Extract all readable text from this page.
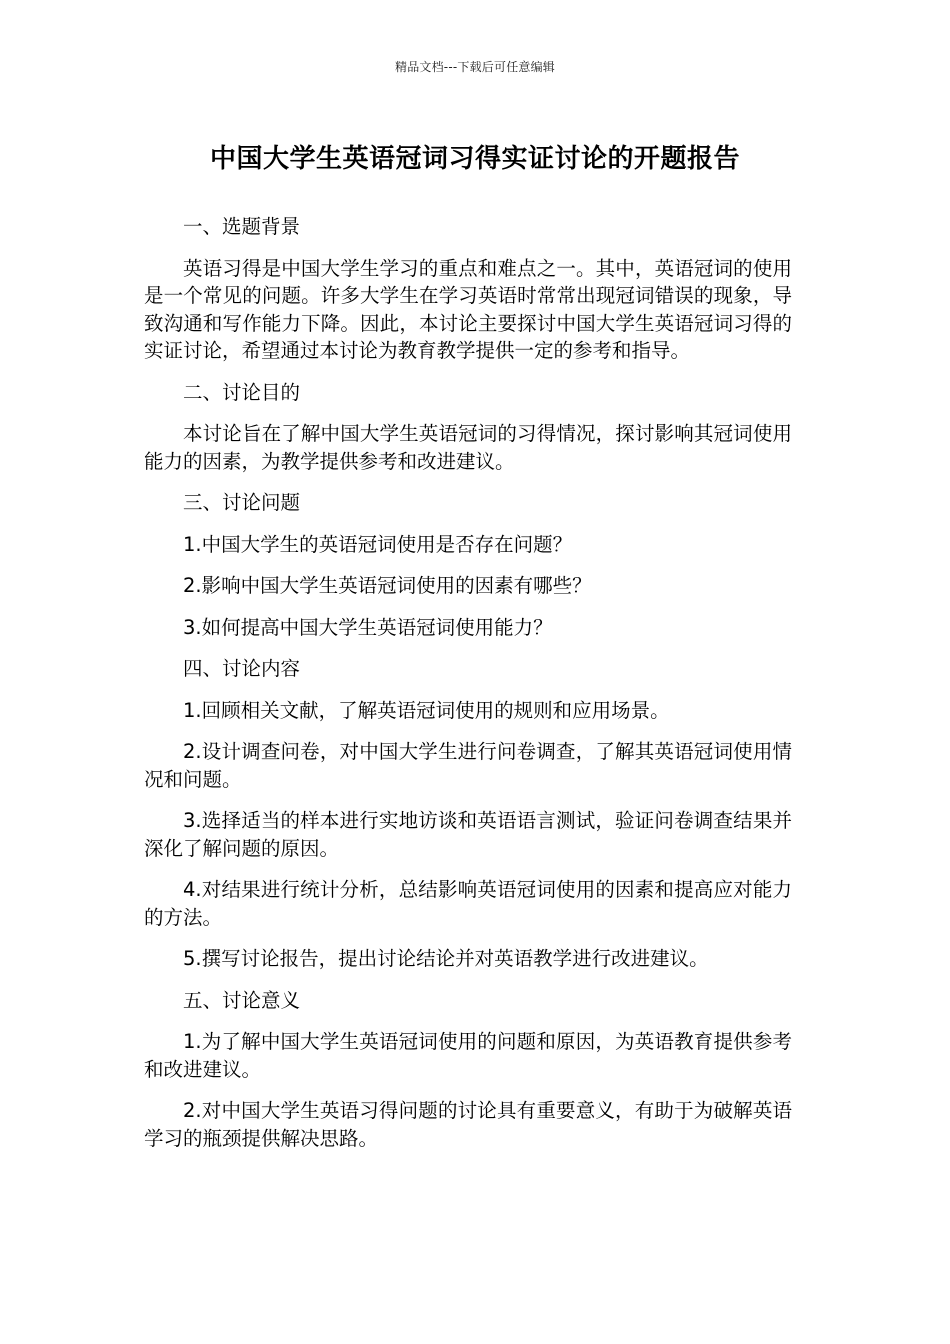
精品文档---下载后可任意编辑
中国大学生英语冠词习得实证讨论的开题报告

一、选题背景

英语习得是中国大学生学习的重点和难点之一。其中，英语冠词的使用是一个常见的问题。许多大学生在学习英语时常常出现冠词错误的现象，导致沟通和写作能力下降。因此，本讨论主要探讨中国大学生英语冠词习得的实证讨论，希望通过本讨论为教育教学提供一定的参考和指导。

二、讨论目的

本讨论旨在了解中国大学生英语冠词的习得情况，探讨影响其冠词使用能力的因素，为教学提供参考和改进建议。

三、讨论问题

1.中国大学生的英语冠词使用是否存在问题？

2.影响中国大学生英语冠词使用的因素有哪些？

3.如何提高中国大学生英语冠词使用能力？

四、讨论内容

1.回顾相关文献，了解英语冠词使用的规则和应用场景。

2.设计调查问卷，对中国大学生进行问卷调查，了解其英语冠词使用情况和问题。

3.选择适当的样本进行实地访谈和英语语言测试，验证问卷调查结果并深化了解问题的原因。

4.对结果进行统计分析，总结影响英语冠词使用的因素和提高应对能力的方法。

5.撰写讨论报告，提出讨论结论并对英语教学进行改进建议。

五、讨论意义

1.为了解中国大学生英语冠词使用的问题和原因，为英语教育提供参考和改进建议。

2.对中国大学生英语习得问题的讨论具有重要意义，有助于为破解英语学习的瓶颈提供解决思路。
